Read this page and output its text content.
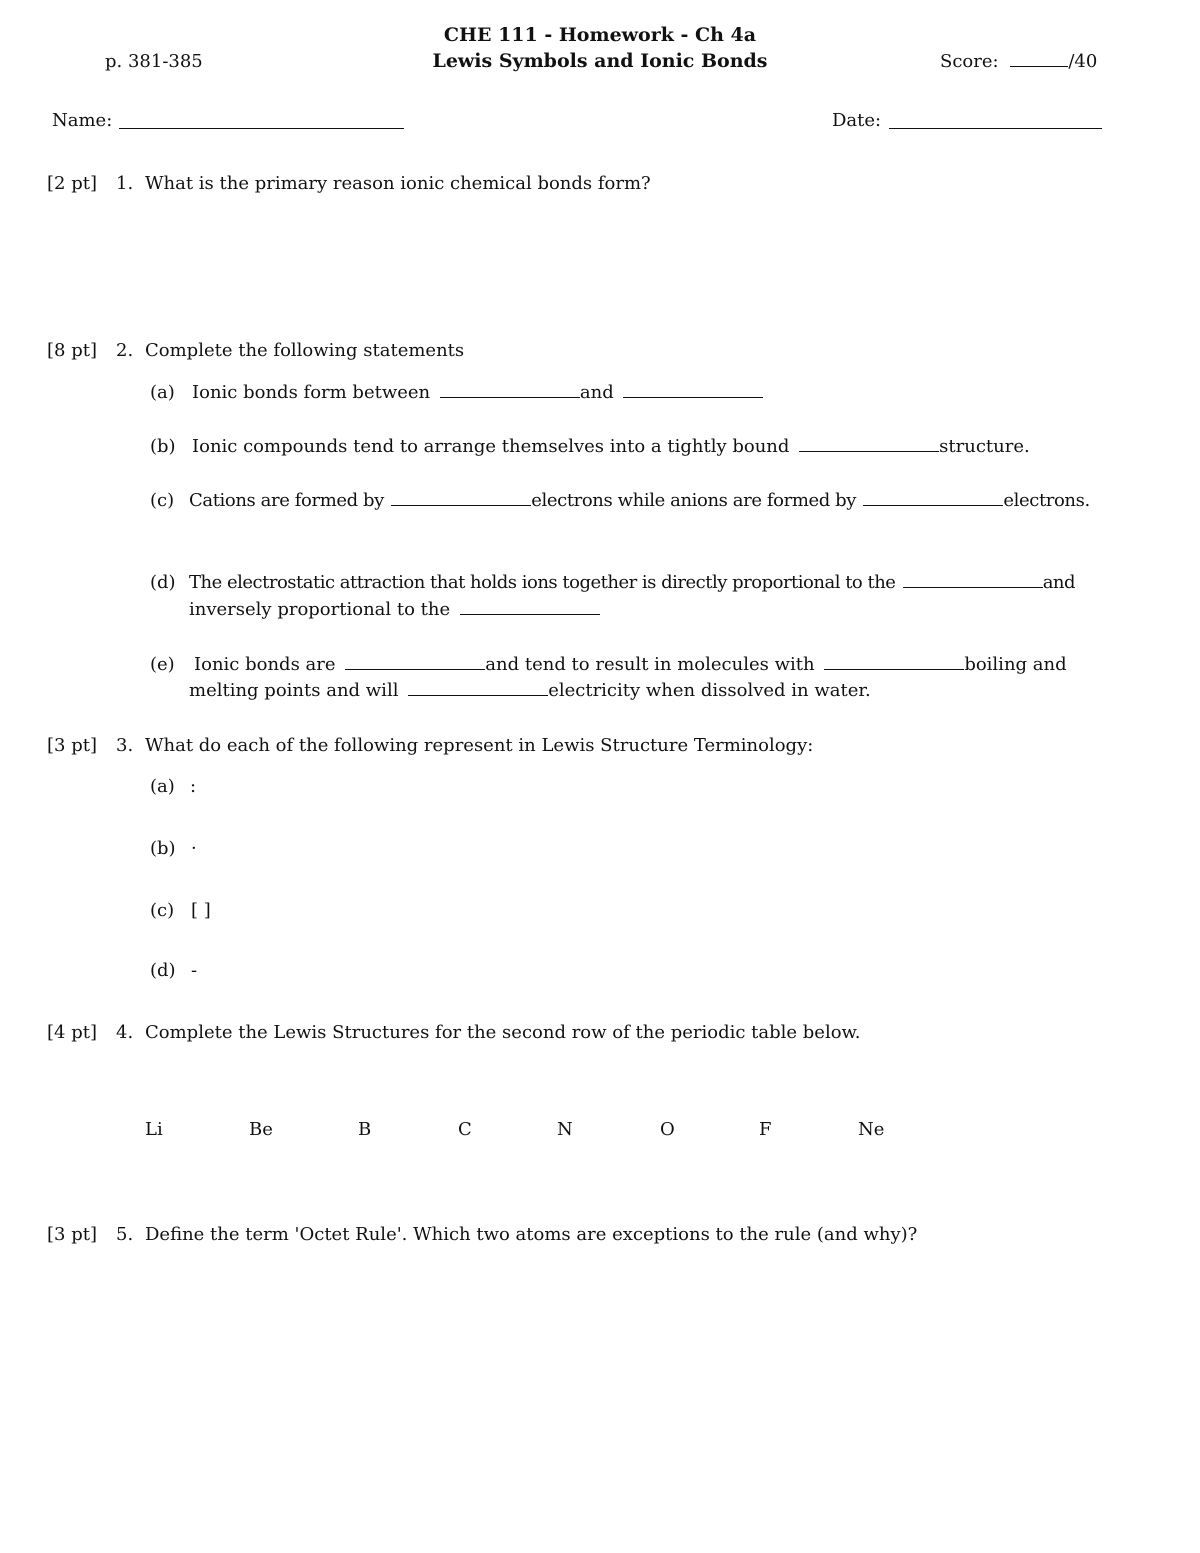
CHE 111 - Homework - Ch 4a
Lewis Symbols and Ionic Bonds
p. 381-385	Score:	/40
Name:	Date:
[2 pt] 1. What is the primary reason ionic chemical bonds form?
[8 pt] 2. Complete the following statements
(a) Ionic bonds form between	and
(b) Ionic compounds tend to arrange themselves into a tightly bound	structure.
(c) Cations are formed by	electrons while anions are formed by	electrons.
(d) The electrostatic attraction that holds ions together is directly proportional to the	and
inversely proportional to the
(e) Ionic bonds are	and tend to result in molecules with	boiling and
melting points and will	electricity when dissolved in water.
[3 pt] 3. What do each of the following represent in Lewis Structure Terminology:
(a) :
(b) ·
(c) [ ]
(d) -
[4 pt] 4. Complete the Lewis Structures for the second row of the periodic table below.
Li	Be	B	C	N	O	F	Ne
[3 pt] 5. Define the term 'Octet Rule'. Which two atoms are exceptions to the rule (and why)?
